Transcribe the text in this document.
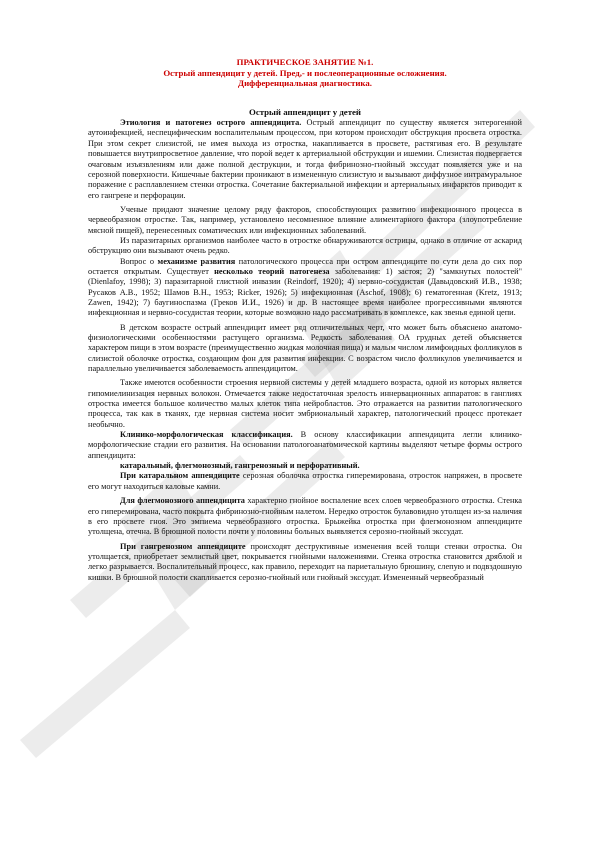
ПРАКТИЧЕСКОЕ ЗАНЯТИЕ №1.
Острый аппендицит у детей. Пред,- и послеоперационные осложнения.
Дифференциальная диагностика.
Острый аппендицит у детей

Этиология и патогенез острого аппендицита. Острый аппендицит по существу является энтерогенной аутоинфекцией, неспецифическим воспалительным процессом, при котором происходит обструкция просвета отростка. При этом секрет слизистой, не имея выхода из отростка, накапливается в просвете, растягивая его. В результате повышается внутрипросветное давление, что порой ведет к артериальной обструкции и ишемии. Слизистая подвергается очаговым изъязвлениям или даже полной деструкции, и тогда фибринозно-гнойный экссудат появляется уже и на серозной поверхности. Кишечные бактерии проникают в измененную слизистую и вызывают диффузное интрамуральное поражение с расплавлением стенки отростка. Сочетание бактериальной инфекции и артериальных инфарктов приводит к его гангрене и перфорации.

Ученые придают значение целому ряду факторов, способствующих развитию инфекционного процесса в червеобразном отростке. Так, например, установлено несомненное влияние алиментарного фактора (злоупотребление мясной пищей), перенесенных соматических или инфекционных заболеваний.

Из паразитарных организмов наиболее часто в отростке обнаруживаются острицы, однако в отличие от аскарид обструкцию они вызывают очень редко.

Вопрос о механизме развития патологического процесса при остром аппендиците по сути дела до сих пор остается открытым. Существует несколько теорий патогенеза заболевания: 1) застоя; 2) "замкнутых полостей" (Dienlafoy, 1998); 3) паразитарной глистной инвазии (Reindorf, 1920); 4) нервно-сосудистая (Давыдовский И.В., 1938; Русаков А.В., 1952; Шамов В.Н., 1953; Ricker, 1926); 5) инфекционная (Aschof, 1908); 6) гематогенная (Kretz, 1913; Zawen, 1942); 7) баугиноспазма (Греков И.И., 1926) и др. В настоящее время наиболее прогрессивными являются инфекционная и нервно-сосудистая теории, которые возможно надо рассматривать в комплексе, как звенья единой цепи.

В детском возрасте острый аппендицит имеет ряд отличительных черт, что может быть объяснено анатомо-физиологическими особенностями растущего организма. Редкость заболевания ОА грудных детей объясняется характером пищи в этом возрасте (преимущественно жидкая молочная пища) и малым числом лимфоидных фолликулов в слизистой оболочке отростка, создающим фон для развития инфекции. С возрастом число фолликулов увеличивается и параллельно увеличивается заболеваемость аппендицитом.

Также имеются особенности строения нервной системы у детей младшего возраста, одной из которых является гипомиелинизация нервных волокон. Отмечается также недостаточная зрелость иннервационных аппаратов: в ганглиях отростка имеется большое количество малых клеток типа нейробластов. Это отражается на развитии патологического процесса, так как в тканях, где нервная система носит эмбриональный характер, патологический процесс протекает необычно.

Клинико-морфологическая классификация. В основу классификации аппендицита легли клинико-морфологические стадии его развития. На основании патологоанатомической картины выделяют четыре формы острого аппендицита:

катаральный, флегмонозный, гангренозный и перфоративный.

При катаральном аппендиците серозная оболочка отростка гиперемирована, отросток напряжен, в просвете его могут находиться каловые камни.

Для флегмонозного аппендицита характерно гнойное воспаление всех слоев червеобразного отростка. Стенка его гиперемирована, часто покрыта фибринозно-гнойным налетом. Нередко отросток булавовидно утолщен из-за наличия в его просвете гноя. Это эмпиема червеобразного отростка. Брыжейка отростка при флегмонозном аппендиците утолщена, отечна. В брюшной полости почти у половины больных выявляется серозно-гнойный экссудат.

При гангренозном аппендиците происходят деструктивные изменения всей толщи стенки отростка. Он утолщается, приобретает землистый цвет, покрывается гнойными наложениями. Стенка отростка становится дряблой и легко разрывается. Воспалительный процесс, как правило, переходит на париетальную брюшину, слепую и подвздошную кишки. В брюшной полости скапливается серозно-гнойный или гнойный экссудат. Измененный червеобразный
